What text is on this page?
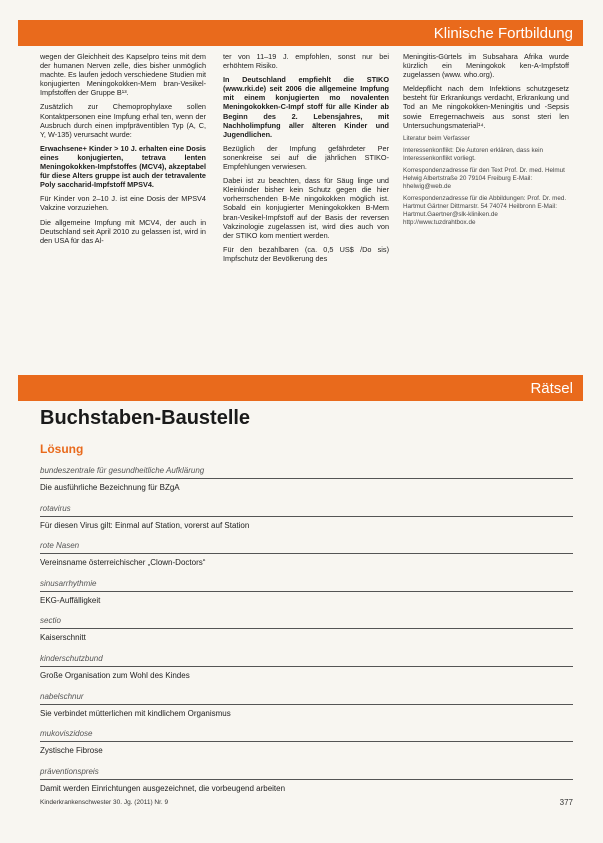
Klinische Fortbildung

wegen der Gleichheit des Kapselpro teins mit dem der humanen Nerven zelle, dies bisher unmöglich machte. Es laufen jedoch verschiedene Studien mit konjugierten Meningokokken-Mem bran-Vesikel-Impfstoffen der Gruppe B¹³.

Zusätzlich zur Chemoprophylaxe sollen Kontaktpersonen eine Impfung erhal ten, wenn der Ausbruch durch einen impfpräventiblen Typ (A, C, Y, W-135) verursacht wurde:

Erwachsene+ Kinder > 10 J. erhalten eine Dosis eines konjugierten, tetrava lenten Meningokokken-Impfstoffes (MCV4), akzeptabel für diese Alters gruppe ist auch der tetravalente Poly saccharid-Impfstoff MPSV4.

Für Kinder von 2–10 J. ist eine Dosis der MPSV4 Vakzine vorzuziehen.

Die allgemeine Impfung mit MCV4, der auch in Deutschland seit April 2010 zu gelassen ist, wird in den USA für das Al-

ter von 11–19 J. empfohlen, sonst nur bei erhöhtem Risiko.

In Deutschland empfiehlt die STIKO (www.rki.de) seit 2006 die allgemeine Impfung mit einem konjugierten mo novalenten Meningokokken-C-Impf stoff für alle Kinder ab Beginn des 2. Lebensjahres, mit Nachholimpfung aller älteren Kinder und Jugendlichen.

Bezüglich der Impfung gefährdeter Per sonenkreise sei auf die jährlichen STIKO-Empfehlungen verwiesen.

Dabei ist zu beachten, dass für Säug linge und Kleinkinder bisher kein Schutz gegen die hier vorherrschenden B-Me ningokokken möglich ist. Sobald ein konjugierter Meningokokken B-Mem bran-Vesikel-Impfstoff auf der Basis der reversen Vakzinologie zugelassen ist, wird dies auch von der STIKO kom mentiert werden.

Für den bezahlbaren (ca. 0,5 US$ /Do sis) Impfschutz der Bevölkerung des

Meningitis-Gürtels im Subsahara Afrika wurde kürzlich ein Meningokok ken-A-Impfstoff zugelassen (www. who.org).

Meldepflicht nach dem Infektions schutzgesetz besteht für Erkrankungs verdacht, Erkrankung und Tod an Me ningokokken-Meningitis und -Sepsis sowie Erregernachweis aus sonst steri len Untersuchungsmaterial¹⁴.

Literatur beim Verfasser

Interessenkonflikt: Die Autoren erklären, dass kein Interessenkonflikt vorliegt.

Korrespondenzadresse für den Text Prof. Dr. med. Helmut Helwig Albertstraße 20 79104 Freiburg E-Mail: hhelwig@web.de

Korrespondenzadresse für die Abbildungen: Prof. Dr. med. Hartmut Gärtner Dittmarstr. 54 74074 Heilbronn E-Mail: Hartmut.Gaertner@slk-kliniken.de http://www.tuzdrahtbox.de

Rätsel
Buchstaben-Baustelle
Lösung
bundeszentrale für gesundheitliche Aufklärung
Die ausführliche Bezeichnung für BZgA
rotavirus
Für diesen Virus gilt: Einmal auf Station, vorerst auf Station
rote Nasen
Vereinsname österreichischer „Clown-Doctors“
sinusarrhythmie
EKG-Auffälligkeit
sectio
Kaiserschnitt
kinderschutzbund
Große Organisation zum Wohl des Kindes
nabelschnur
Sie verbindet mütterlichen mit kindlichem Organismus
mukoviszidose
Zystische Fibrose
präventionspreis
Damit werden Einrichtungen ausgezeichnet, die vorbeugend arbeiten
Kinderkrankenschwester 30. Jg. (2011) Nr. 9	377
